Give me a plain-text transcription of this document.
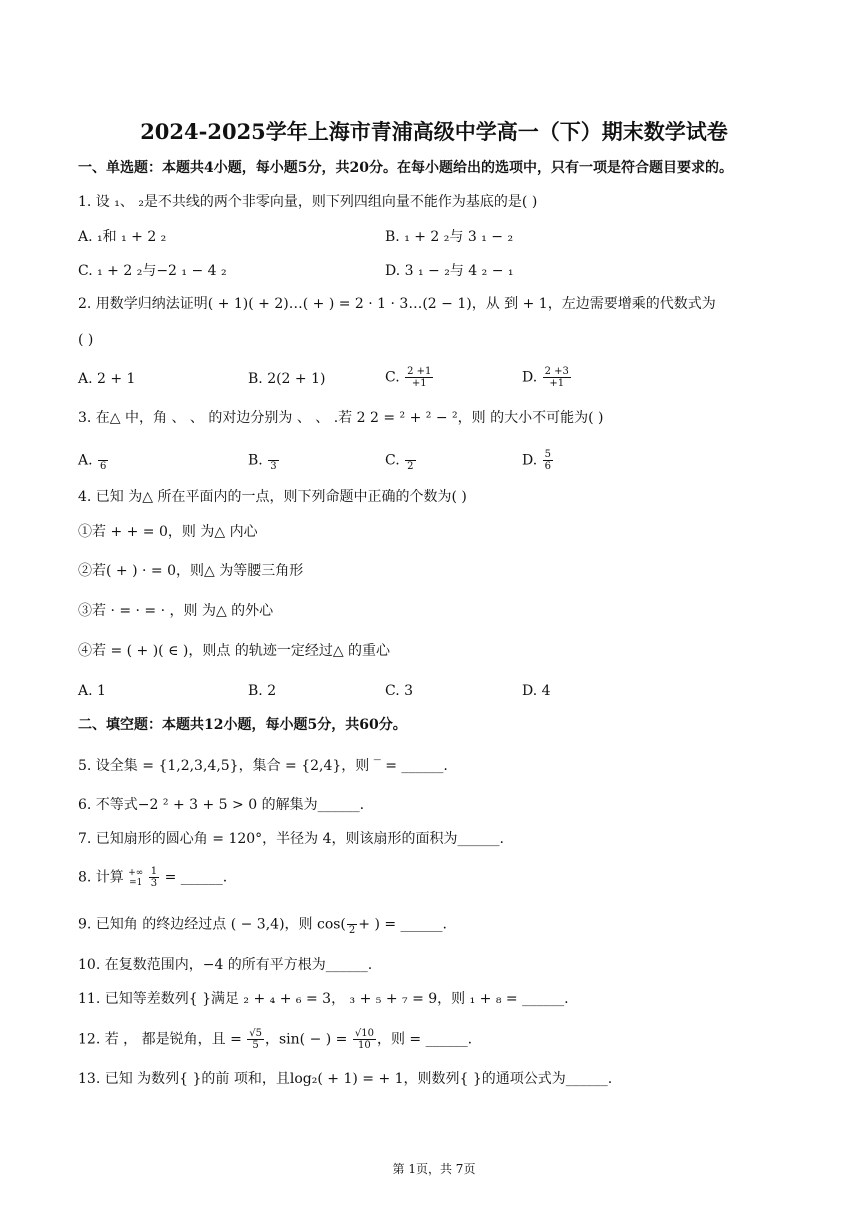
2024-2025学年上海市青浦高级中学高一（下）期末数学试卷
一、单选题：本题共4小题，每小题5分，共20分。在每小题给出的选项中，只有一项是符合题目要求的。
1. 设 ₁、 ₂是不共线的两个非零向量，则下列四组向量不能作为基底的是( )
A. ₁和 ₁ + 2 ₂	B. ₁ + 2 ₂与 3 ₁ − ₂
C. ₁ + 2 ₂与−2 ₁ − 4 ₂	D. 3 ₁ − ₂与 4 ₂ − ₁
2. 用数学归纳法证明( + 1)( + 2)…( + ) = 2 · 1 · 3…(2 − 1)，从 到 + 1，左边需要增乘的代数式为
( )
A. 2 + 1	B. 2(2 + 1)	C. $\frac{2 +1}{+1}$	D. $\frac{2 +3}{+1}$
3. 在△ 中，角 、 、 的对边分别为 、 、 .若 2 2 = ² + ² − ²，则 的大小不可能为( )
A.
6	B.
3	C.
2	D. $\frac{5}{6}$
4. 已知 为△ 所在平面内的一点，则下列命题中正确的个数为( )
①若 + + = 0，则 为△ 内心
②若( + ) · = 0，则△ 为等腰三角形
③若 · = · = · ，则 为△ 的外心
④若 = ( + )( ∈ )，则点 的轨迹一定经过△ 的重心
A. 1	B. 2	C. 3	D. 4
二、填空题：本题共12小题，每小题5分，共60分。
5. 设全集 = {1,2,3,4,5}，集合 = {2,4}，则 ‾ = ______.
6. 不等式−2 ² + 3 + 5 > 0 的解集为______.
7. 已知扇形的圆心角 = 120°，半径为 4，则该扇形的面积为______.
8. 计算 +∞
=1
$\frac{1}{3}$ = ______.
9. 已知角 的终边经过点 ( − 3,4)，则 cos(
2 + ) = ______.
10. 在复数范围内，−4 的所有平方根为______.
11. 已知等差数列{ }满足 ₂ + ₄ + ₆ = 3， ₃ + ₅ + ₇ = 9，则 ₁ + ₈ = ______.
12. 若 ， 都是锐角，且 = $\frac{√5}{5}$ ，sin( − ) = $\frac{√10}{10}$ ，则 = ______.
13. 已知 为数列{ }的前 项和，且log₂( + 1) = + 1，则数列{ }的通项公式为______.
第 1页，共 7页
